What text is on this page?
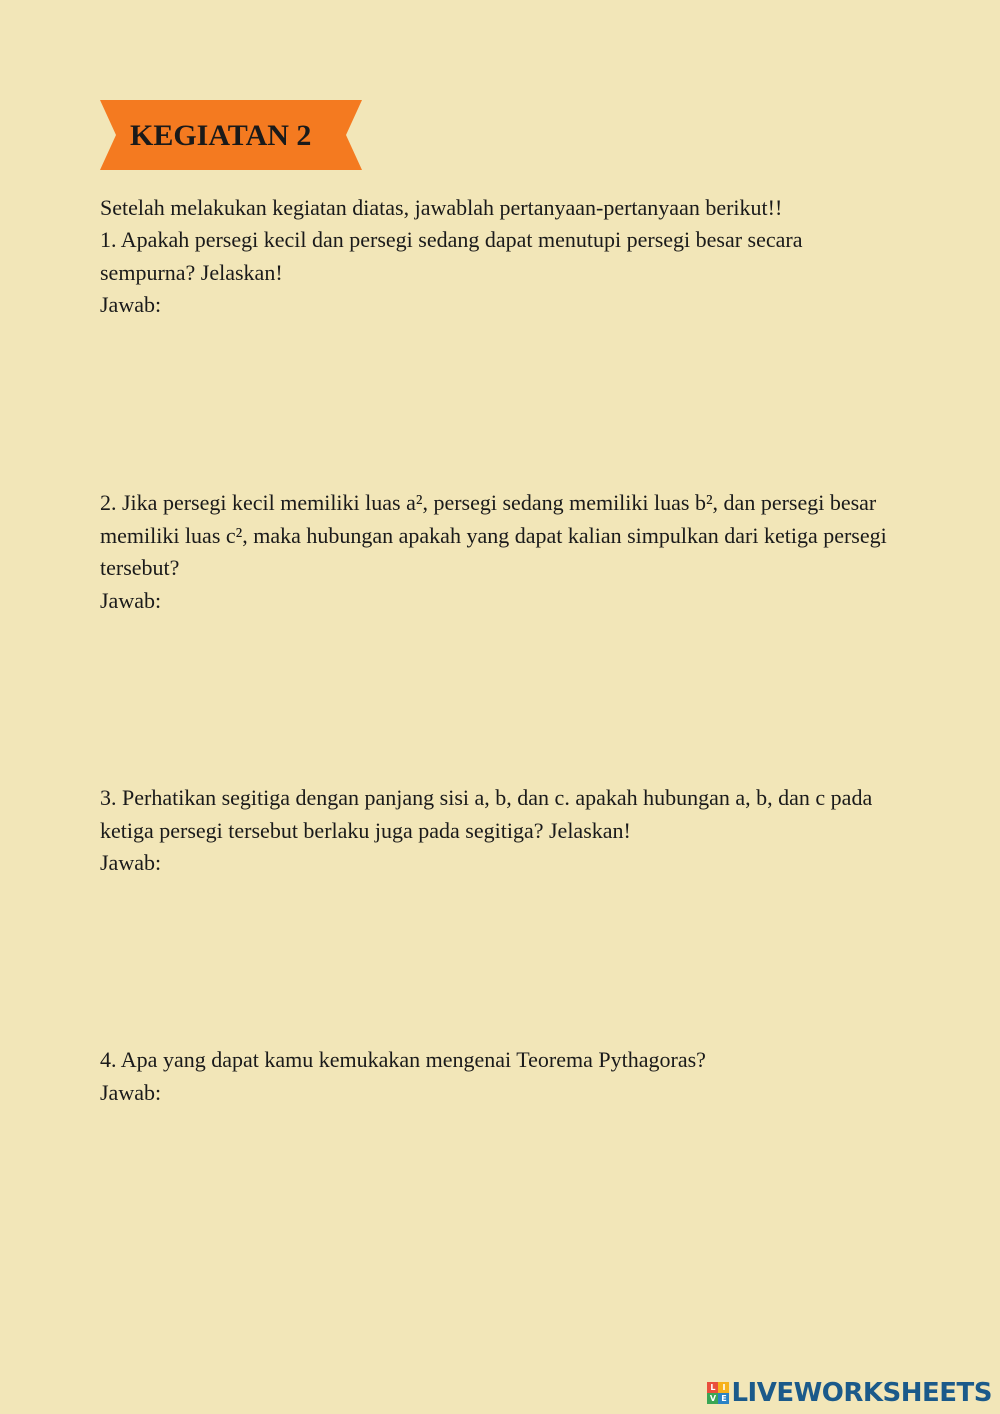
KEGIATAN 2

Setelah melakukan kegiatan diatas, jawablah pertanyaan-pertanyaan berikut!!

1. Apakah persegi kecil dan persegi sedang dapat menutupi persegi besar secara sempurna? Jelaskan!

Jawab:

2. Jika persegi kecil memiliki luas a², persegi sedang memiliki luas b², dan persegi besar memiliki luas c², maka hubungan apakah yang dapat kalian simpulkan dari ketiga persegi tersebut?

Jawab:

3. Perhatikan segitiga dengan panjang sisi a, b, dan c. apakah hubungan a, b, dan c pada ketiga persegi tersebut berlaku juga pada segitiga? Jelaskan!

Jawab:

4. Apa yang dapat kamu kemukakan mengenai Teorema Pythagoras?

Jawab:

L I
V E LIVEWORKSHEETS
